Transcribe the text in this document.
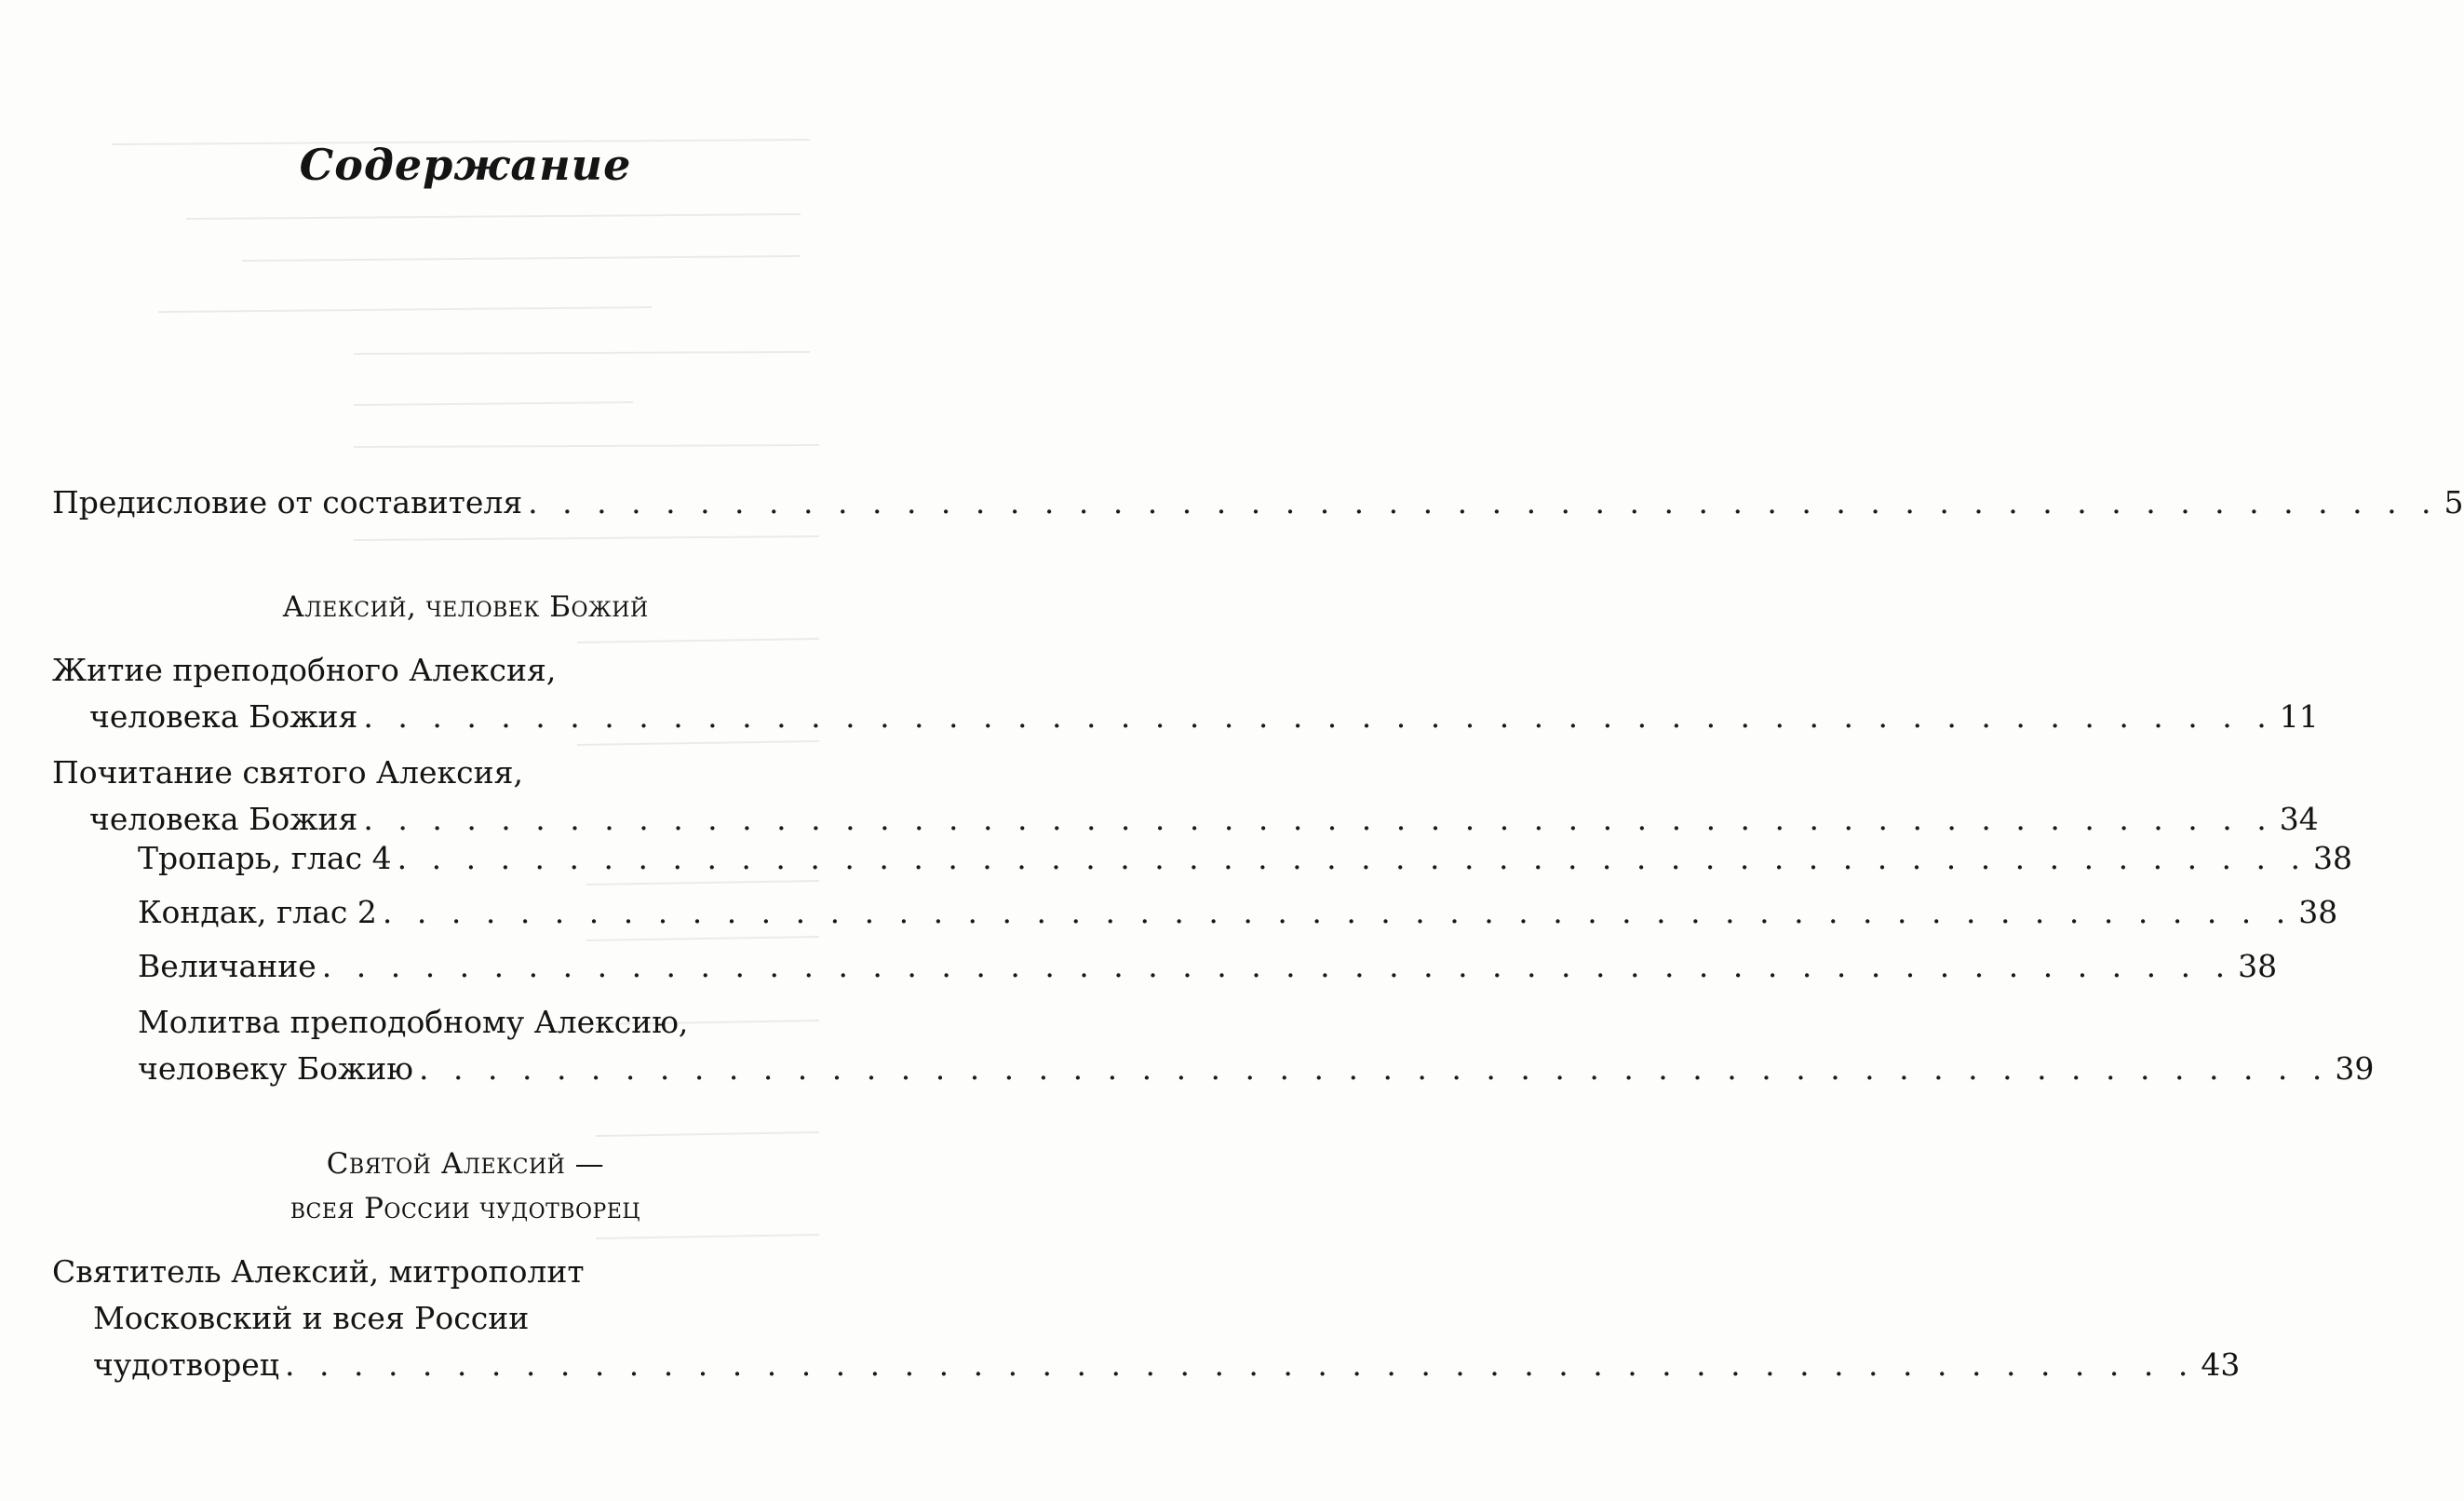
Содержание
Предисловие от составителя . . . . . . . . . . . . . . . . . . . . . . . . . . . . . . . . . . . . . . . . . . . . . . . . . . . . . . . . 5
Алексий, человек Божий
Житие преподобного Алексия,
человека Божия . . . . . . . . . . . . . . . . . . . . . . . . . . . . . . . . . . . . . . . . . . . . . . . . . . . . . . . . 11
Почитание святого Алексия,
человека Божия . . . . . . . . . . . . . . . . . . . . . . . . . . . . . . . . . . . . . . . . . . . . . . . . . . . . . . . . 34
Тропарь, глас 4 . . . . . . . . . . . . . . . . . . . . . . . . . . . . . . . . . . . . . . . . . . . . . . . . . . . . . . . . 38
Кондак, глас 2 . . . . . . . . . . . . . . . . . . . . . . . . . . . . . . . . . . . . . . . . . . . . . . . . . . . . . . . . 38
Величание . . . . . . . . . . . . . . . . . . . . . . . . . . . . . . . . . . . . . . . . . . . . . . . . . . . . . . . . 38
Молитва преподобному Алексию,
человеку Божию . . . . . . . . . . . . . . . . . . . . . . . . . . . . . . . . . . . . . . . . . . . . . . . . . . . . . . . . 39
Святой Алексий —
всея России чудотворец
Святитель Алексий, митрополит
Московский и всея России
чудотворец . . . . . . . . . . . . . . . . . . . . . . . . . . . . . . . . . . . . . . . . . . . . . . . . . . . . . . . . 43
